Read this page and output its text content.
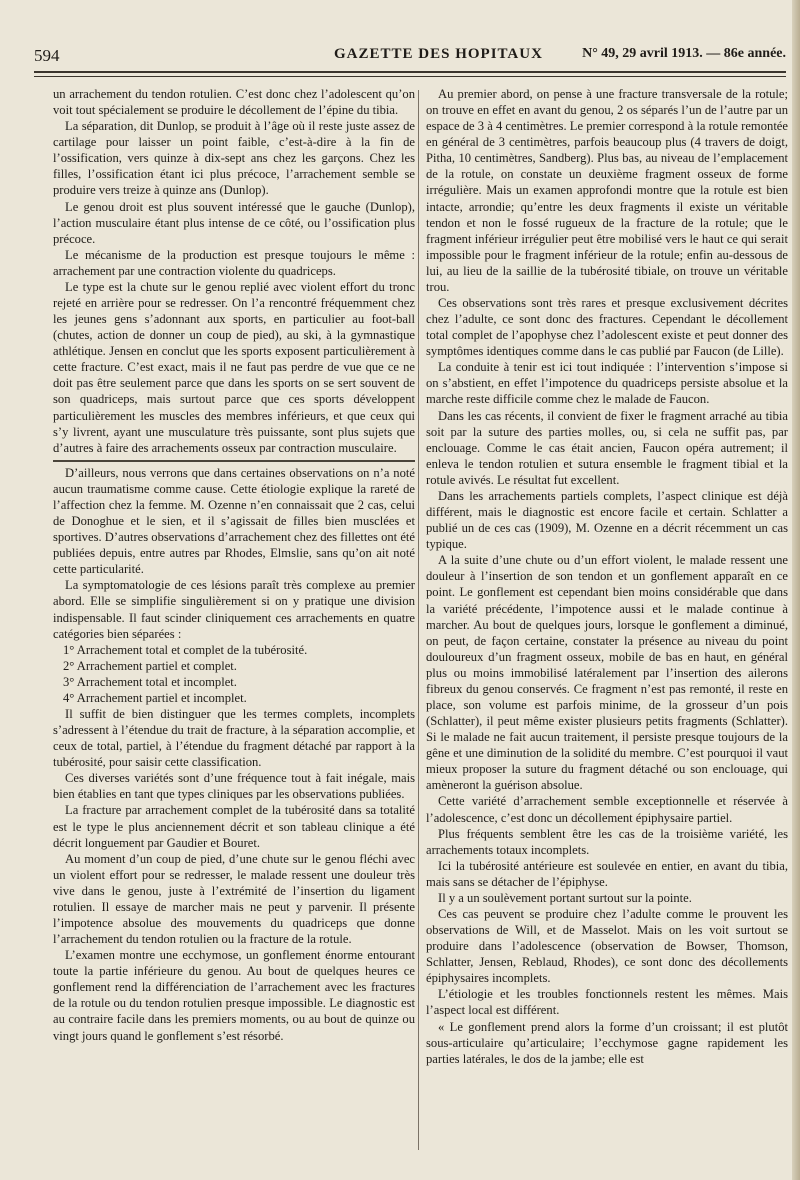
594	GAZETTE DES HOPITAUX	N° 49, 29 avril 1913. — 86e année.

un arrachement du tendon rotulien. C’est donc chez l’adolescent qu’on voit tout spécialement se produire le décollement de l’épine du tibia.

La séparation, dit Dunlop, se produit à l’âge où il reste juste assez de cartilage pour laisser un point faible, c’est-à-dire à la fin de l’ossification, vers quinze à dix-sept ans chez les garçons. Chez les filles, l’ossification étant ici plus précoce, l’arrachement semble se produire vers treize à quinze ans (Dunlop).

Le genou droit est plus souvent intéressé que le gauche (Dunlop), l’action musculaire étant plus intense de ce côté, ou l’ossification plus précoce.

Le mécanisme de la production est presque toujours le même : arrachement par une contraction violente du quadriceps.

Le type est la chute sur le genou replié avec violent effort du tronc rejeté en arrière pour se redresser. On l’a rencontré fréquemment chez les jeunes gens s’adonnant aux sports, en particulier au foot-ball (chutes, action de donner un coup de pied), au ski, à la gymnastique athlétique. Jensen en conclut que les sports exposent particulièrement à cette fracture. C’est exact, mais il ne faut pas perdre de vue que ce ne doit pas être seulement parce que dans les sports on se sert souvent de son quadriceps, mais surtout parce que ces sports développent particulièrement les muscles des membres inférieurs, et que ceux qui s’y livrent, ayant une musculature très puissante, sont plus sujets que d’autres à faire des arrachements osseux par contraction musculaire.

D’ailleurs, nous verrons que dans certaines observations on n’a noté aucun traumatisme comme cause. Cette étiologie explique la rareté de l’affection chez la femme. M. Ozenne n’en connaissait que 2 cas, celui de Donoghue et le sien, et il s’agissait de filles bien musclées et sportives. D’autres observations d’arrachement chez des fillettes ont été publiées depuis, entre autres par Rhodes, Elmslie, sans qu’on ait noté cette particularité.

La symptomatologie de ces lésions paraît très complexe au premier abord. Elle se simplifie singulièrement si on y pratique une division indispensable. Il faut scinder cliniquement ces arrachements en quatre catégories bien séparées :

1° Arrachement total et complet de la tubérosité.

2° Arrachement partiel et complet.

3° Arrachement total et incomplet.

4° Arrachement partiel et incomplet.

Il suffit de bien distinguer que les termes complets, incomplets s’adressent à l’étendue du trait de fracture, à la séparation accomplie, et ceux de total, partiel, à l’étendue du fragment détaché par rapport à la tubérosité, pour saisir cette classification.

Ces diverses variétés sont d’une fréquence tout à fait inégale, mais bien établies en tant que types cliniques par les observations publiées.

La fracture par arrachement complet de la tubérosité dans sa totalité est le type le plus anciennement décrit et son tableau clinique a été décrit longuement par Gaudier et Bouret.

Au moment d’un coup de pied, d’une chute sur le genou fléchi avec un violent effort pour se redresser, le malade ressent une douleur très vive dans le genou, juste à l’extrémité de l’insertion du ligament rotulien. Il essaye de marcher mais ne peut y parvenir. Il présente l’impotence absolue des mouvements du quadriceps que donne l’arrachement du tendon rotulien ou la fracture de la rotule.

L’examen montre une ecchymose, un gonflement énorme entourant toute la partie inférieure du genou. Au bout de quelques heures ce gonflement rend la différenciation de l’arrachement avec les fractures de la rotule ou du tendon rotulien presque impossible. Le diagnostic est au contraire facile dans les premiers moments, ou au bout de quinze ou vingt jours quand le gonflement s’est résorbé.

Au premier abord, on pense à une fracture transversale de la rotule; on trouve en effet en avant du genou, 2 os séparés l’un de l’autre par un espace de 3 à 4 centimètres. Le premier correspond à la rotule remontée en général de 3 centimètres, parfois beaucoup plus (4 travers de doigt, Pitha, 10 centimètres, Sandberg). Plus bas, au niveau de l’emplacement de la rotule, on constate un deuxième fragment osseux de forme irrégulière. Mais un examen approfondi montre que la rotule est bien intacte, arrondie; qu’entre les deux fragments il existe un véritable tendon et non le fossé rugueux de la fracture de la rotule; que le fragment inférieur irrégulier peut être mobilisé vers le haut ce qui serait impossible pour le fragment inférieur de la rotule; enfin au-dessous de lui, au lieu de la saillie de la tubérosité tibiale, on trouve un véritable trou.

Ces observations sont très rares et presque exclusivement décrites chez l’adulte, ce sont donc des fractures. Cependant le décollement total complet de l’apophyse chez l’adolescent existe et peut donner des symptômes identiques comme dans le cas publié par Faucon (de Lille).

La conduite à tenir est ici tout indiquée : l’intervention s’impose si on s’abstient, en effet l’impotence du quadriceps persiste absolue et la marche reste difficile comme chez le malade de Faucon.

Dans les cas récents, il convient de fixer le fragment arraché au tibia soit par la suture des parties molles, ou, si cela ne suffit pas, par enclouage. Comme le cas était ancien, Faucon opéra autrement; il enleva le tendon rotulien et sutura ensemble le fragment tibial et la rotule avivés. Le résultat fut excellent.

Dans les arrachements partiels complets, l’aspect clinique est déjà différent, mais le diagnostic est encore facile et certain. Schlatter a publié un de ces cas (1909), M. Ozenne en a décrit récemment un cas typique.

A la suite d’une chute ou d’un effort violent, le malade ressent une douleur à l’insertion de son tendon et un gonflement apparaît en ce point. Le gonflement est cependant bien moins considérable que dans la variété précédente, l’impotence aussi et le malade continue à marcher. Au bout de quelques jours, lorsque le gonflement a diminué, on peut, de façon certaine, constater la présence au niveau du point douloureux d’un fragment osseux, mobile de bas en haut, en général plus ou moins immobilisé latéralement par l’insertion des ailerons fibreux du genou conservés. Ce fragment n’est pas remonté, il reste en place, son volume est parfois minime, de la grosseur d’un pois (Schlatter), il peut même exister plusieurs petits fragments (Schlatter). Si le malade ne fait aucun traitement, il persiste presque toujours de la gêne et une diminution de la solidité du membre. C’est pourquoi il vaut mieux proposer la suture du fragment détaché ou son enclouage, qui amèneront la guérison absolue.

Cette variété d’arrachement semble exceptionnelle et réservée à l’adolescence, c’est donc un décollement épiphysaire partiel.

Plus fréquents semblent être les cas de la troisième variété, les arrachements totaux incomplets.

Ici la tubérosité antérieure est soulevée en entier, en avant du tibia, mais sans se détacher de l’épiphyse.

Il y a un soulèvement portant surtout sur la pointe.

Ces cas peuvent se produire chez l’adulte comme le prouvent les observations de Will, et de Masselot. Mais on les voit surtout se produire dans l’adolescence (observation de Bowser, Thomson, Schlatter, Jensen, Reblaud, Rhodes), ce sont donc des décollements épiphysaires incomplets.

L’étiologie et les troubles fonctionnels restent les mêmes. Mais l’aspect local est différent.

« Le gonflement prend alors la forme d’un croissant; il est plutôt sous-articulaire qu’articulaire; l’ecchymose gagne rapidement les parties latérales, le dos de la jambe; elle est
